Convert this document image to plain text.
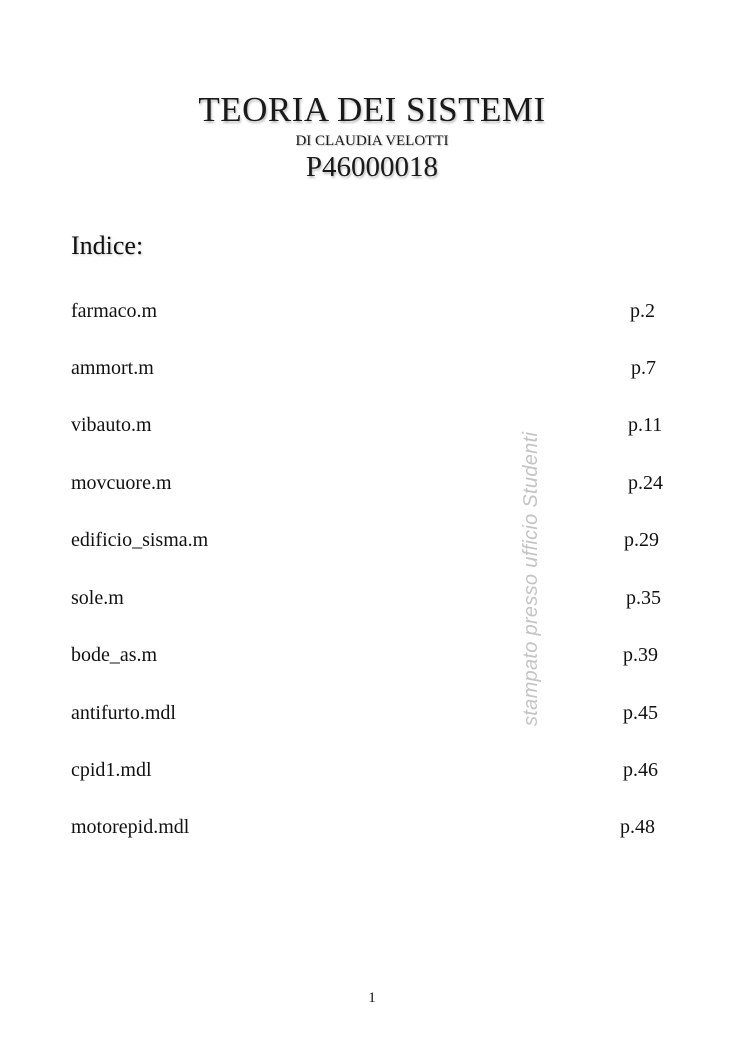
TEORIA DEI SISTEMI
DI CLAUDIA VELOTTI
P46000018
Indice:
farmaco.m	p.2
ammort.m	p.7
vibauto.m	p.11
movcuore.m	p.24
edificio_sisma.m	p.29
sole.m	p.35
bode_as.m	p.39
antifurto.mdl	p.45
cpid1.mdl	p.46
motorepid.mdl	p.48
stampato presso ufficio Studenti
1
